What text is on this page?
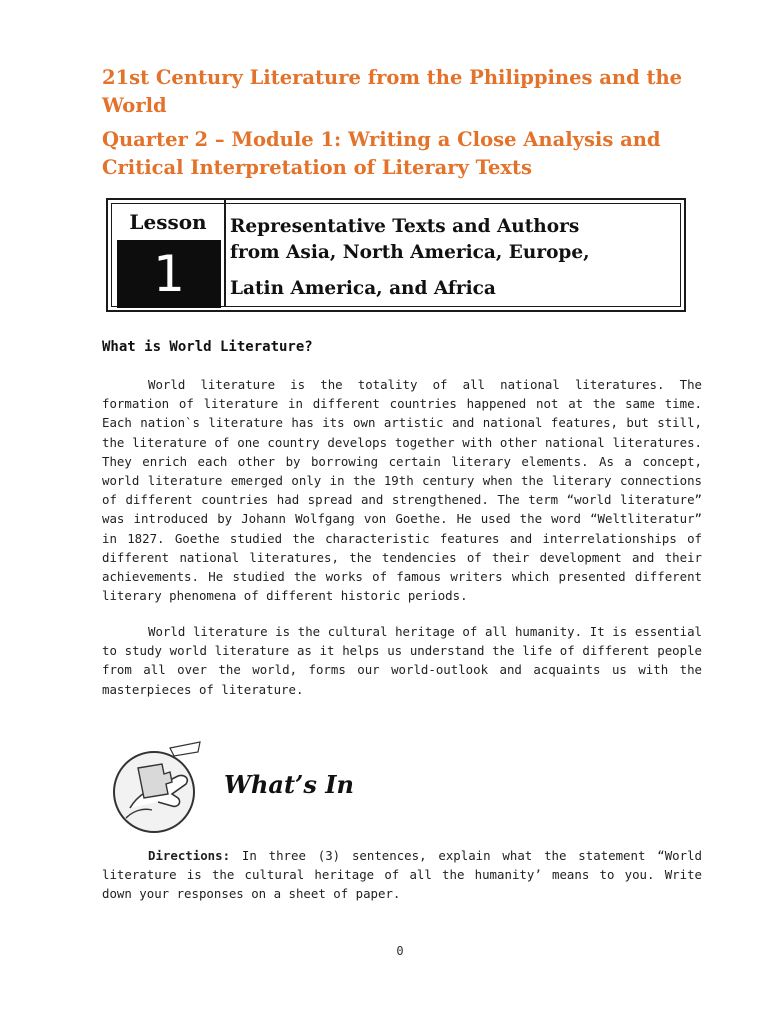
21st Century Literature from the Philippines and the World
Quarter 2 – Module 1: Writing a Close Analysis and Critical Interpretation of Literary Texts
Lesson
1
Representative Texts and Authors
from Asia, North America, Europe,
Latin America, and Africa
What is World Literature?

World literature is the totality of all national literatures. The formation of literature in different countries happened not at the same time. Each nation`s literature has its own artistic and national features, but still, the literature of one country develops together with other national literatures. They enrich each other by borrowing certain literary elements. As a concept, world literature emerged only in the 19th century when the literary connections of different countries had spread and strengthened. The term “world literature” was introduced by Johann Wolfgang von Goethe. He used the word “Weltliteratur” in 1827. Goethe studied the characteristic features and interrelationships of different national literatures, the tendencies of their development and their achievements. He studied the works of famous writers which presented different literary phenomena of different historic periods.

World literature is the cultural heritage of all humanity. It is essential to study world literature as it helps us understand the life of different people from all over the world, forms our world-outlook and acquaints us with the masterpieces of literature.

What’s In

Directions: In three (3) sentences, explain what the statement “World literature is the cultural heritage of all the humanity’ means to you. Write down your responses on a sheet of paper.

0
